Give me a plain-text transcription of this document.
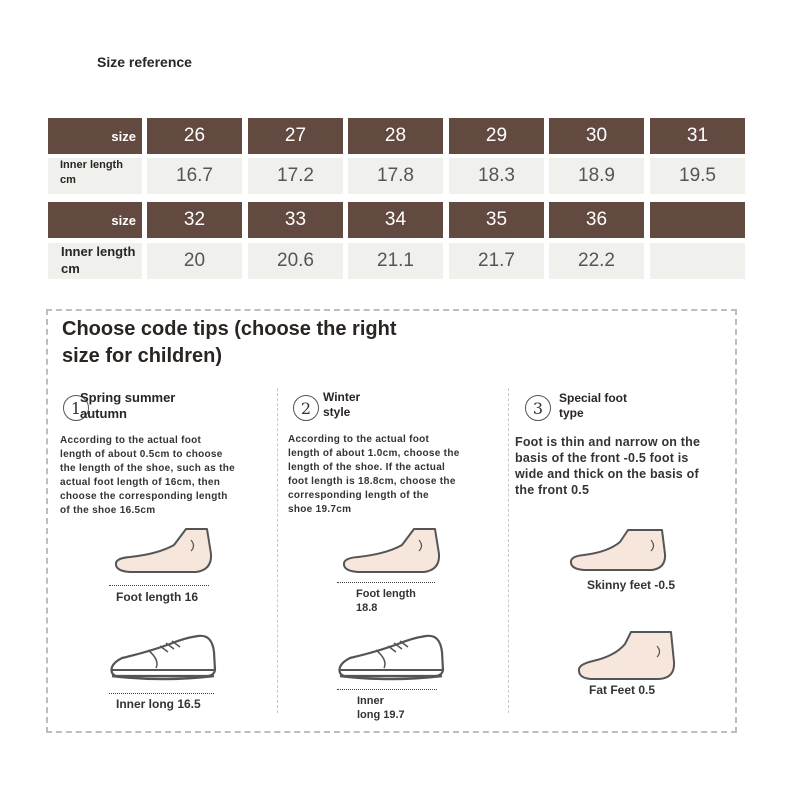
Size reference
size
Inner length
cm
26
16.7
27
17.2
28
17.8
29
18.3
30
18.9
31
19.5
size
Inner length
cm
32
20
33
20.6
34
21.1
35
21.7
36
22.2
Choose code tips (choose the right
size for children)
1
Spring summer
autumn
According to the actual foot
length of about 0.5cm to choose
the length of the shoe, such as the
actual foot length of 16cm, then
choose the corresponding length
of the shoe 16.5cm
Foot length 16
Inner long 16.5
2
Winter
style
According to the actual foot
length of about 1.0cm, choose the
length of the shoe. If the actual
foot length is 18.8cm, choose the
corresponding length of the
shoe 19.7cm
Foot length
18.8
Inner
long 19.7
3
Special foot
type
Foot is thin and narrow on the
basis of the front -0.5 foot is
wide and thick on the basis of
the front 0.5
Skinny feet -0.5
Fat Feet 0.5
